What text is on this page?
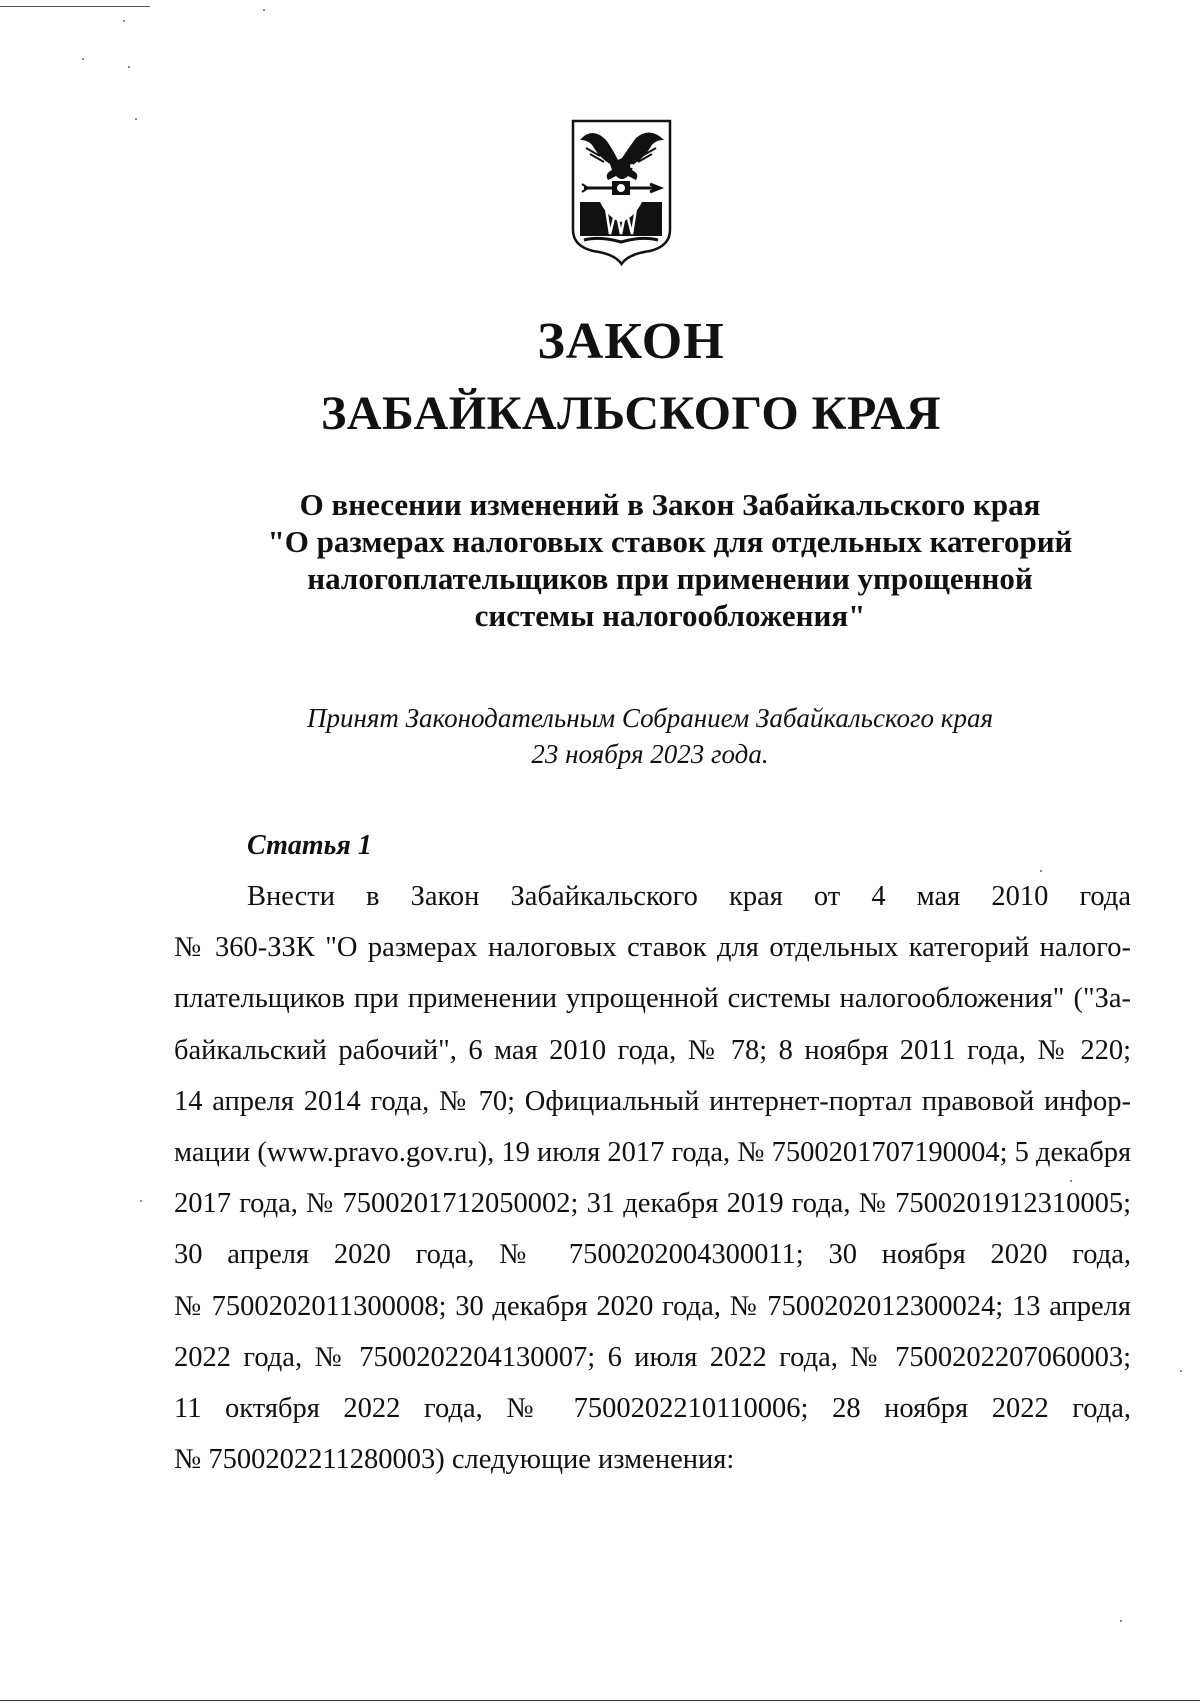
ЗАКОН
ЗАБАЙКАЛЬСКОГО КРАЯ
О внесении изменений в Закон Забайкальского края
"О размерах налоговых ставок для отдельных категорий
налогоплательщиков при применении упрощенной
системы налогообложения"
Принят Законодательным Собранием Забайкальского края
23 ноября 2023 года.
Статья 1
Внести в Закон Забайкальского края от 4 мая 2010 года
№ 360-ЗЗК "О размерах налоговых ставок для отдельных категорий налого-
плательщиков при применении упрощенной системы налогообложения" ("За-
байкальский рабочий", 6 мая 2010 года, № 78; 8 ноября 2011 года, № 220;
14 апреля 2014 года, № 70; Официальный интернет-портал правовой инфор-
мации (www.pravo.gov.ru), 19 июля 2017 года, № 7500201707190004; 5 декабря
2017 года, № 7500201712050002; 31 декабря 2019 года, № 7500201912310005;
30 апреля 2020 года, № 7500202004300011; 30 ноября 2020 года,
№ 7500202011300008; 30 декабря 2020 года, № 7500202012300024; 13 апреля
2022 года, № 7500202204130007; 6 июля 2022 года, № 7500202207060003;
11 октября 2022 года, № 7500202210110006; 28 ноября 2022 года,
№ 7500202211280003) следующие изменения:
